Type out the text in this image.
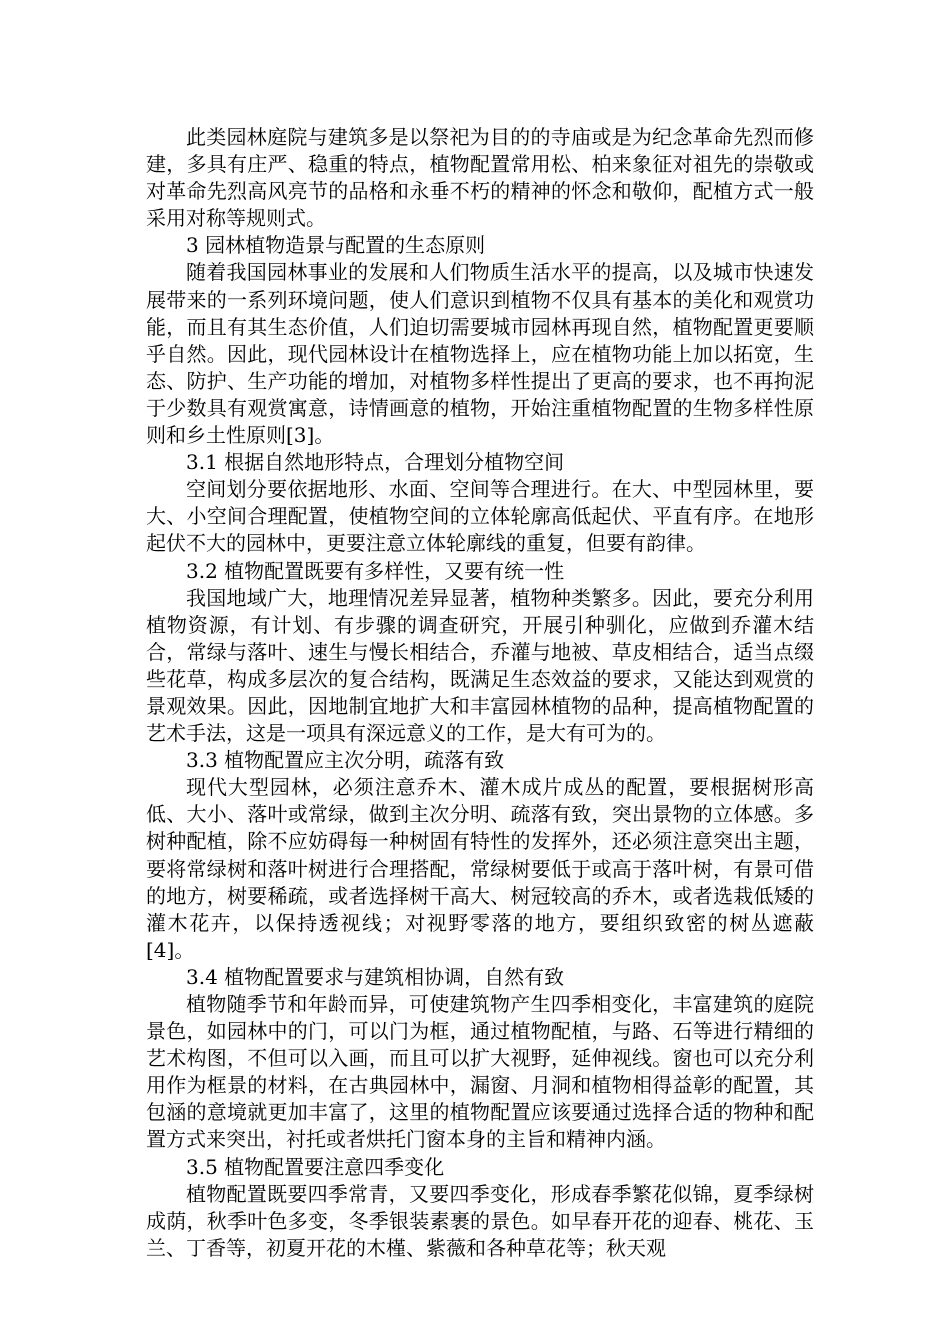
此类园林庭院与建筑多是以祭祀为目的的寺庙或是为纪念革命先烈而修建，多具有庄严、稳重的特点，植物配置常用松、柏来象征对祖先的崇敬或对革命先烈高风亮节的品格和永垂不朽的精神的怀念和敬仰，配植方式一般采用对称等规则式。

3 园林植物造景与配置的生态原则

随着我国园林事业的发展和人们物质生活水平的提高，以及城市快速发展带来的一系列环境问题，使人们意识到植物不仅具有基本的美化和观赏功能，而且有其生态价值，人们迫切需要城市园林再现自然，植物配置更要顺乎自然。因此，现代园林设计在植物选择上，应在植物功能上加以拓宽，生态、防护、生产功能的增加，对植物多样性提出了更高的要求，也不再拘泥于少数具有观赏寓意，诗情画意的植物，开始注重植物配置的生物多样性原则和乡土性原则[3]。

3.1 根据自然地形特点，合理划分植物空间

空间划分要依据地形、水面、空间等合理进行。在大、中型园林里，要大、小空间合理配置，使植物空间的立体轮廓高低起伏、平直有序。在地形起伏不大的园林中，更要注意立体轮廓线的重复，但要有韵律。

3.2 植物配置既要有多样性，又要有统一性

我国地域广大，地理情况差异显著，植物种类繁多。因此，要充分利用植物资源，有计划、有步骤的调查研究，开展引种驯化，应做到乔灌木结合，常绿与落叶、速生与慢长相结合，乔灌与地被、草皮相结合，适当点缀些花草，构成多层次的复合结构，既满足生态效益的要求，又能达到观赏的景观效果。因此，因地制宜地扩大和丰富园林植物的品种，提高植物配置的艺术手法，这是一项具有深远意义的工作，是大有可为的。

3.3 植物配置应主次分明，疏落有致

现代大型园林，必须注意乔木、灌木成片成丛的配置，要根据树形高低、大小、落叶或常绿，做到主次分明、疏落有致，突出景物的立体感。多树种配植，除不应妨碍每一种树固有特性的发挥外，还必须注意突出主题，要将常绿树和落叶树进行合理搭配，常绿树要低于或高于落叶树，有景可借的地方，树要稀疏，或者选择树干高大、树冠较高的乔木，或者选栽低矮的灌木花卉，以保持透视线；对视野零落的地方，要组织致密的树丛遮蔽[4]。

3.4 植物配置要求与建筑相协调，自然有致

植物随季节和年龄而异，可使建筑物产生四季相变化，丰富建筑的庭院景色，如园林中的门，可以门为框，通过植物配植，与路、石等进行精细的艺术构图，不但可以入画，而且可以扩大视野，延伸视线。窗也可以充分利用作为框景的材料，在古典园林中，漏窗、月洞和植物相得益彰的配置，其包涵的意境就更加丰富了，这里的植物配置应该要通过选择合适的物种和配置方式来突出，衬托或者烘托门窗本身的主旨和精神内涵。

3.5 植物配置要注意四季变化

植物配置既要四季常青，又要四季变化，形成春季繁花似锦，夏季绿树成荫，秋季叶色多变，冬季银装素裹的景色。如早春开花的迎春、桃花、玉兰、丁香等，初夏开花的木槿、紫薇和各种草花等；秋天观
